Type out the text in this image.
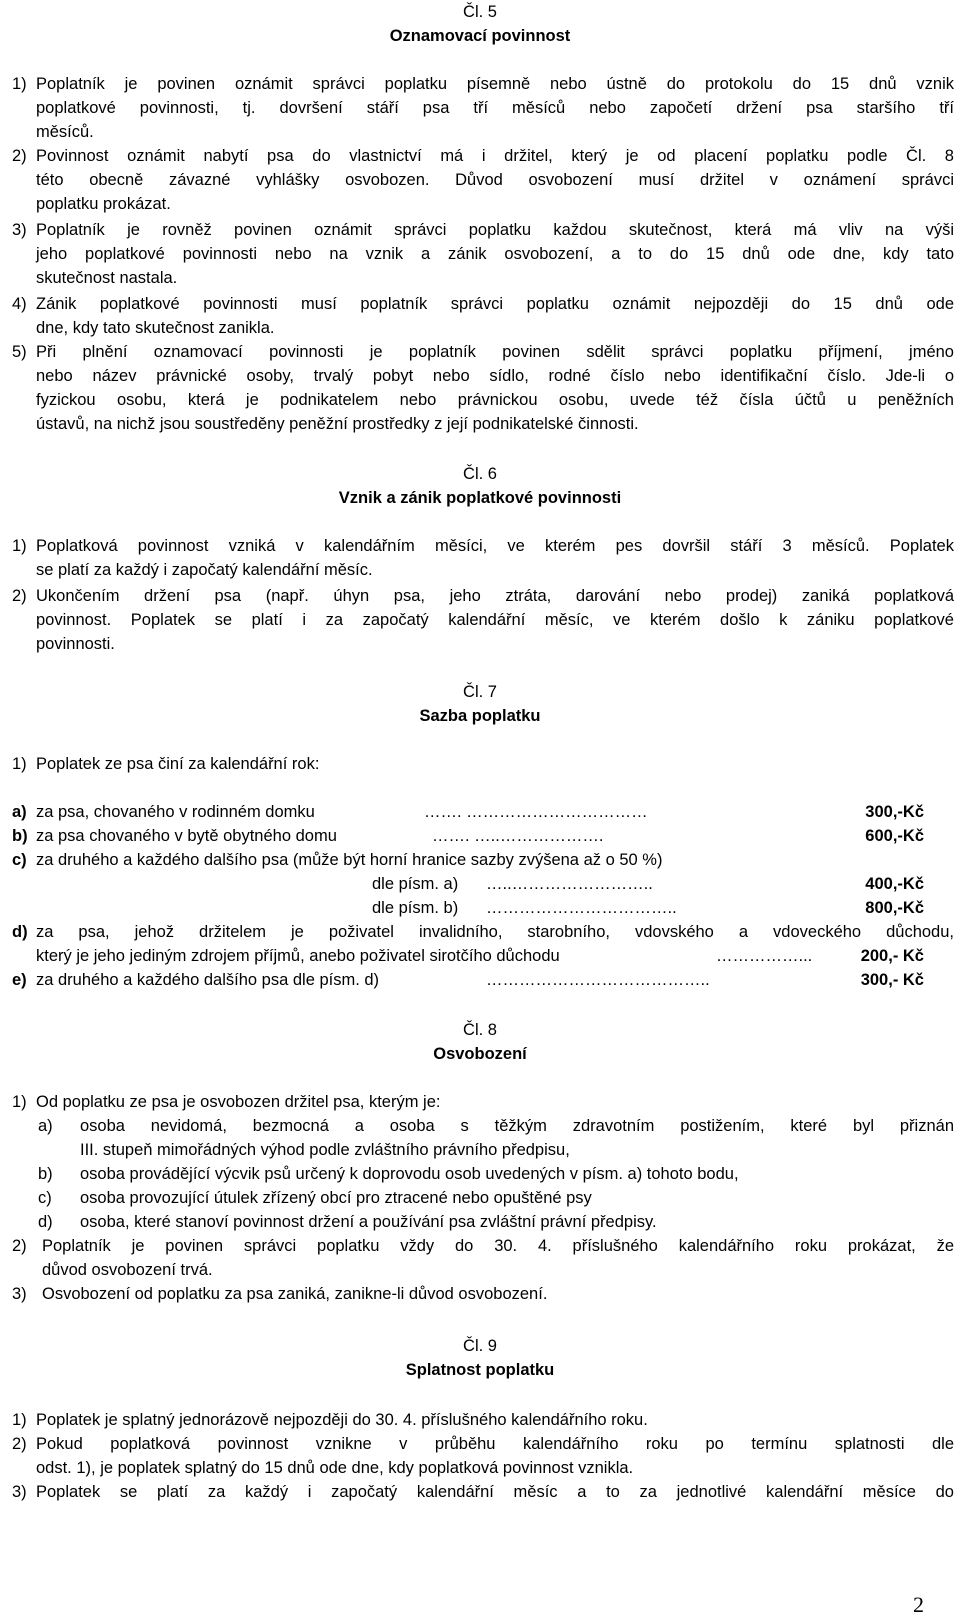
Čl. 5
Oznamovací povinnost
1) Poplatník je povinen oznámit správci poplatku písemně nebo ústně do protokolu do 15 dnů vznik
poplatkové povinnosti, tj. dovršení stáří psa tří měsíců nebo započetí držení psa staršího tří
měsíců.
2) Povinnost oznámit nabytí psa do vlastnictví má i držitel, který je od placení poplatku podle Čl. 8
této obecně závazné vyhlášky osvobozen. Důvod osvobození musí držitel v oznámení správci
poplatku prokázat.
3) Poplatník je rovněž povinen oznámit správci poplatku každou skutečnost, která má vliv na výši
jeho poplatkové povinnosti nebo na vznik a zánik osvobození, a to do 15 dnů ode dne, kdy tato
skutečnost nastala.
4) Zánik poplatkové povinnosti musí poplatník správci poplatku oznámit nejpozději do 15 dnů ode
dne, kdy tato skutečnost zanikla.
5) Při plnění oznamovací povinnosti je poplatník povinen sdělit správci poplatku příjmení, jméno
nebo název právnické osoby, trvalý pobyt nebo sídlo, rodné číslo nebo identifikační číslo. Jde-li o
fyzickou osobu, která je podnikatelem nebo právnickou osobu, uvede též čísla účtů u peněžních
ústavů, na nichž jsou soustředěny peněžní prostředky z její podnikatelské činnosti.
Čl. 6
Vznik a zánik poplatkové povinnosti
1) Poplatková povinnost vzniká v kalendářním měsíci, ve kterém pes dovršil stáří 3 měsíců. Poplatek
se platí za každý i započatý kalendářní měsíc.
2) Ukončením držení psa (např. úhyn psa, jeho ztráta, darování nebo prodej) zaniká poplatková
povinnost. Poplatek se platí i za započatý kalendářní měsíc, ve kterém došlo k zániku poplatkové
povinnosti.
Čl. 7
Sazba poplatku
1) Poplatek ze psa činí za kalendářní rok:
a) za psa, chovaného v rodinném domku	……. ……………………………	300,-Kč
b) za psa chovaného v bytě obytného domu	……. …..……………….	600,-Kč
c) za druhého a každého dalšího psa (může být horní hranice sazby zvýšena až o 50 %)
dle písm. a) …..……………………..	400,-Kč
dle písm. b) ……………………………..	800,-Kč
d) za psa, jehož držitelem je poživatel invalidního, starobního, vdovského a vdoveckého důchodu,
který je jeho jediným zdrojem příjmů, anebo poživatel sirotčího důchodu	……………...	200,- Kč
e) za druhého a každého dalšího psa dle písm. d)	…………………………………..	300,- Kč
Čl. 8
Osvobození
1) Od poplatku ze psa je osvobozen držitel psa, kterým je:
a) osoba nevidomá, bezmocná a osoba s těžkým zdravotním postižením, které byl přiznán
III. stupeň mimořádných výhod podle zvláštního právního předpisu,
b) osoba provádějící výcvik psů určený k doprovodu osob uvedených v písm. a) tohoto bodu,
c) osoba provozující útulek zřízený obcí pro ztracené nebo opuštěné psy
d) osoba, které stanoví povinnost držení a používání psa zvláštní právní předpisy.
2) Poplatník je povinen správci poplatku vždy do 30. 4. příslušného kalendářního roku prokázat, že
důvod osvobození trvá.
3) Osvobození od poplatku za psa zaniká, zanikne-li důvod osvobození.
Čl. 9
Splatnost poplatku
1) Poplatek je splatný jednorázově nejpozději do 30. 4. příslušného kalendářního roku.
2) Pokud poplatková povinnost vznikne v průběhu kalendářního roku po termínu splatnosti dle
odst. 1), je poplatek splatný do 15 dnů ode dne, kdy poplatková povinnost vznikla.
3) Poplatek se platí za každý i započatý kalendářní měsíc a to za jednotlivé kalendářní měsíce do
2
